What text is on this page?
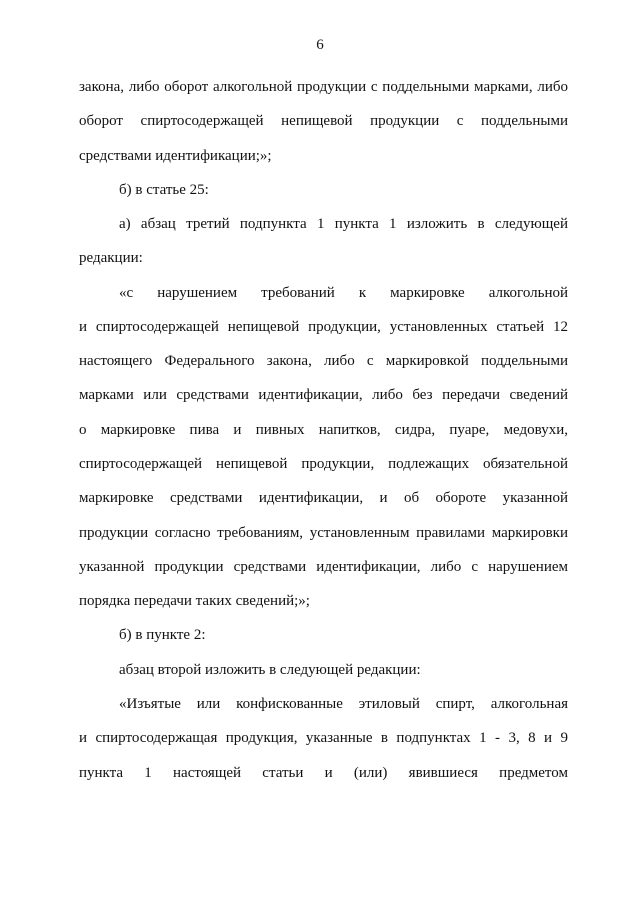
6
закона, либо оборот алкогольной продукции с поддельными марками, либо
оборот спиртосодержащей непищевой продукции с поддельными
средствами идентификации;»;
б) в статье 25:
а) абзац третий подпункта 1 пункта 1 изложить в следующей
редакции:
«с нарушением требований к маркировке алкогольной
и спиртосодержащей непищевой продукции, установленных статьей 12
настоящего Федерального закона, либо с маркировкой поддельными
марками или средствами идентификации, либо без передачи сведений
о маркировке пива и пивных напитков, сидра, пуаре, медовухи,
спиртосодержащей непищевой продукции, подлежащих обязательной
маркировке средствами идентификации, и об обороте указанной
продукции согласно требованиям, установленным правилами маркировки
указанной продукции средствами идентификации, либо с нарушением
порядка передачи таких сведений;»;
б) в пункте 2:
абзац второй изложить в следующей редакции:
«Изъятые или конфискованные этиловый спирт, алкогольная
и спиртосодержащая продукция, указанные в подпунктах 1 - 3, 8 и 9
пункта 1 настоящей статьи и (или) явившиеся предметом
